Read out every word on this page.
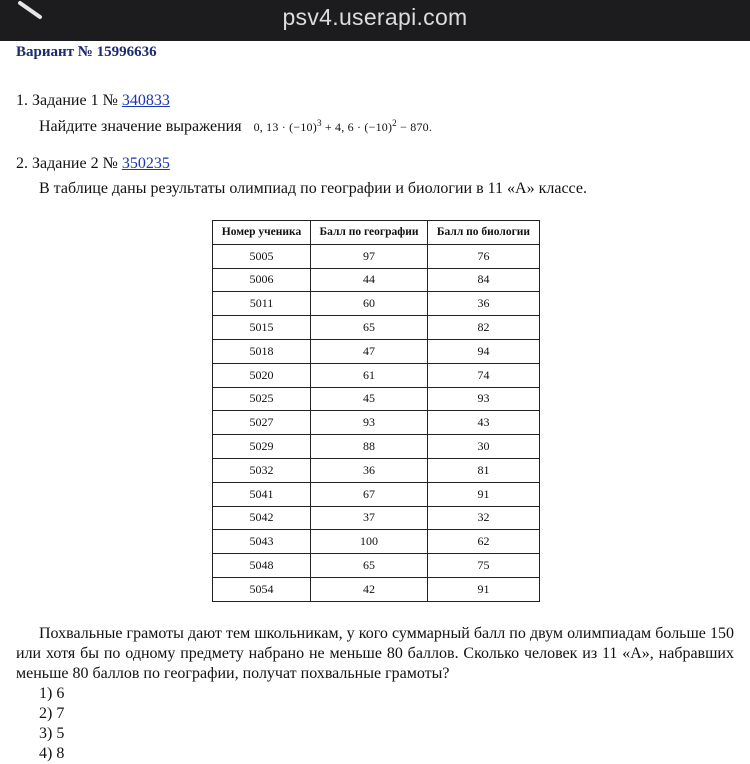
psv4.userapi.com
Вариант № 15996636
1. Задание 1 № 340833
Найдите значение выражения 0, $13 \cdot (-10)^3 + 4$, $6 \cdot (-10)^2 - 870$.
2. Задание 2 № 350235
В таблице даны результаты олимпиад по географии и биологии в 11 «А» классе.
Номер ученика	Балл по географии	Балл по биологии
5005	97	76
5006	44	84
5011	60	36
5015	65	82
5018	47	94
5020	61	74
5025	45	93
5027	93	43
5029	88	30
5032	36	81
5041	67	91
5042	37	32
5043	100	62
5048	65	75
5054	42	91
Похвальные грамоты дают тем школьникам, у кого суммарный балл по двум олимпиадам больше 150 или хотя бы по одному предмету набрано не меньше 80 баллов. Сколько человек из 11 «А», набравших меньше 80 баллов по географии, получат похвальные грамоты?
1) 6
2) 7
3) 5
4) 8
